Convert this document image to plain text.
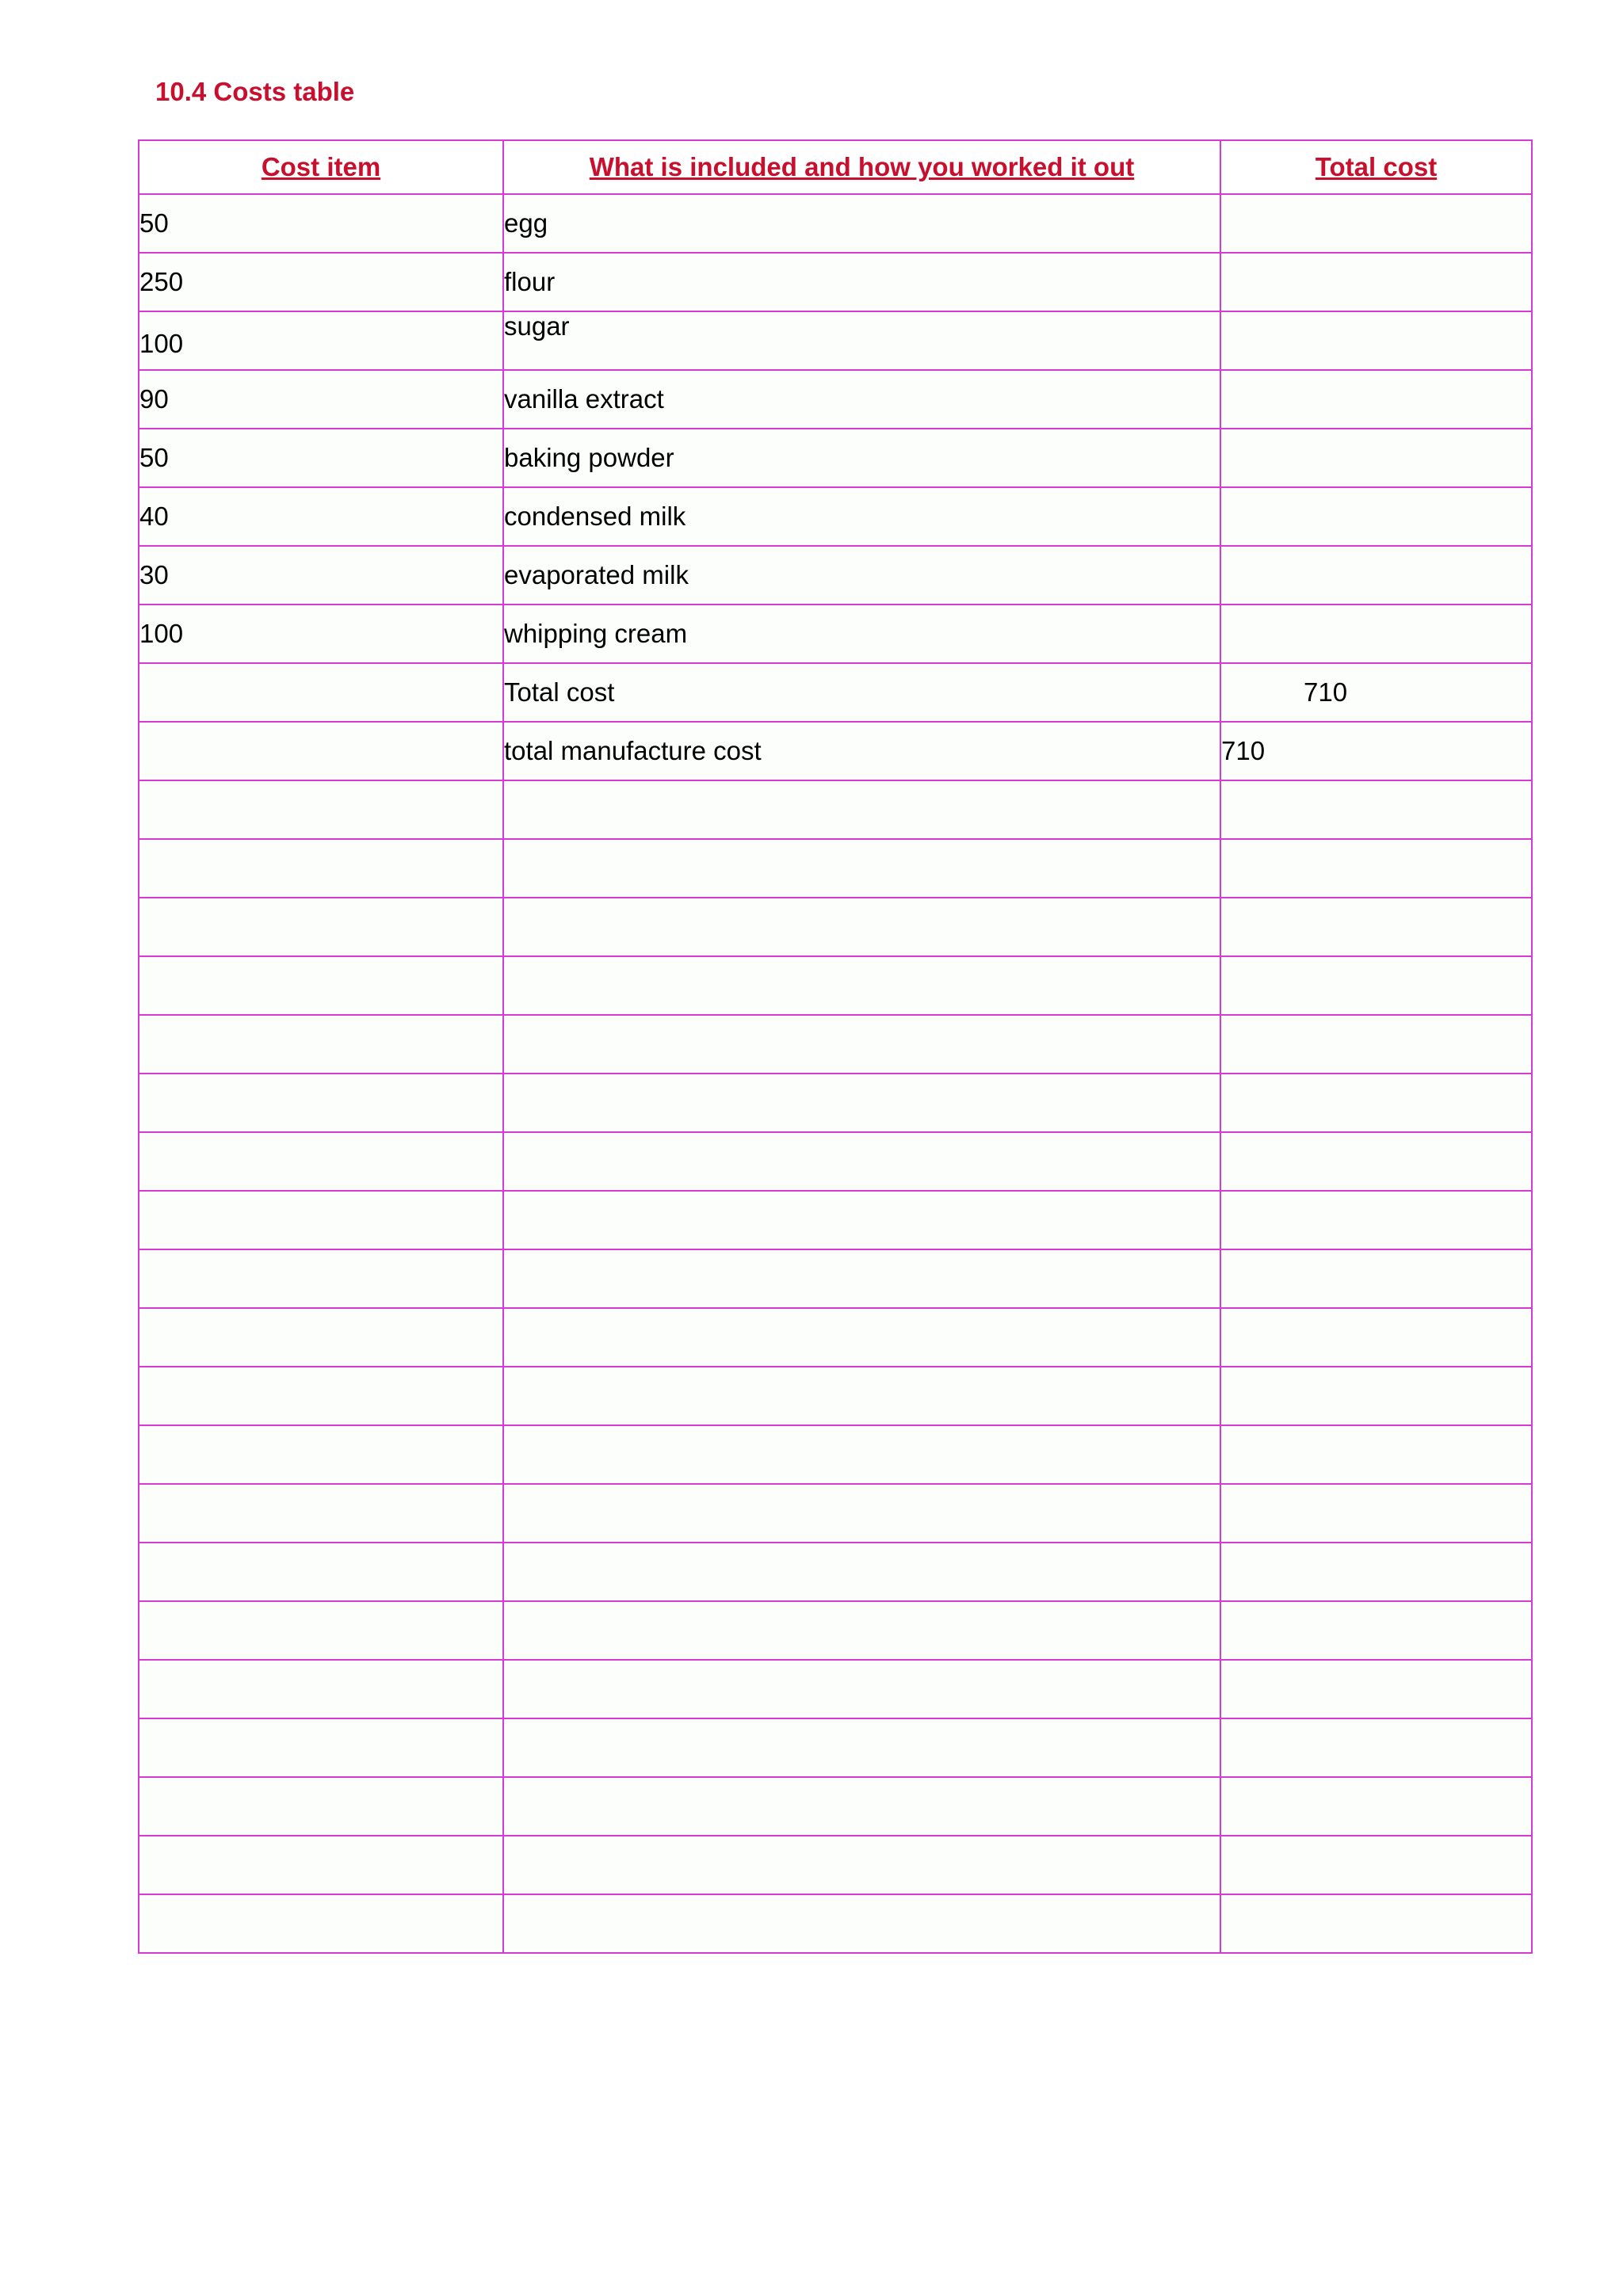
10.4 Costs table
Cost item	What is included and how you worked it out	Total cost
50	egg	
250	flour	
100	sugar	
90	vanilla extract	
50	baking powder	
40	condensed milk	
30	evaporated milk	
100	whipping cream	
	Total cost	710
	total manufacture cost	710
